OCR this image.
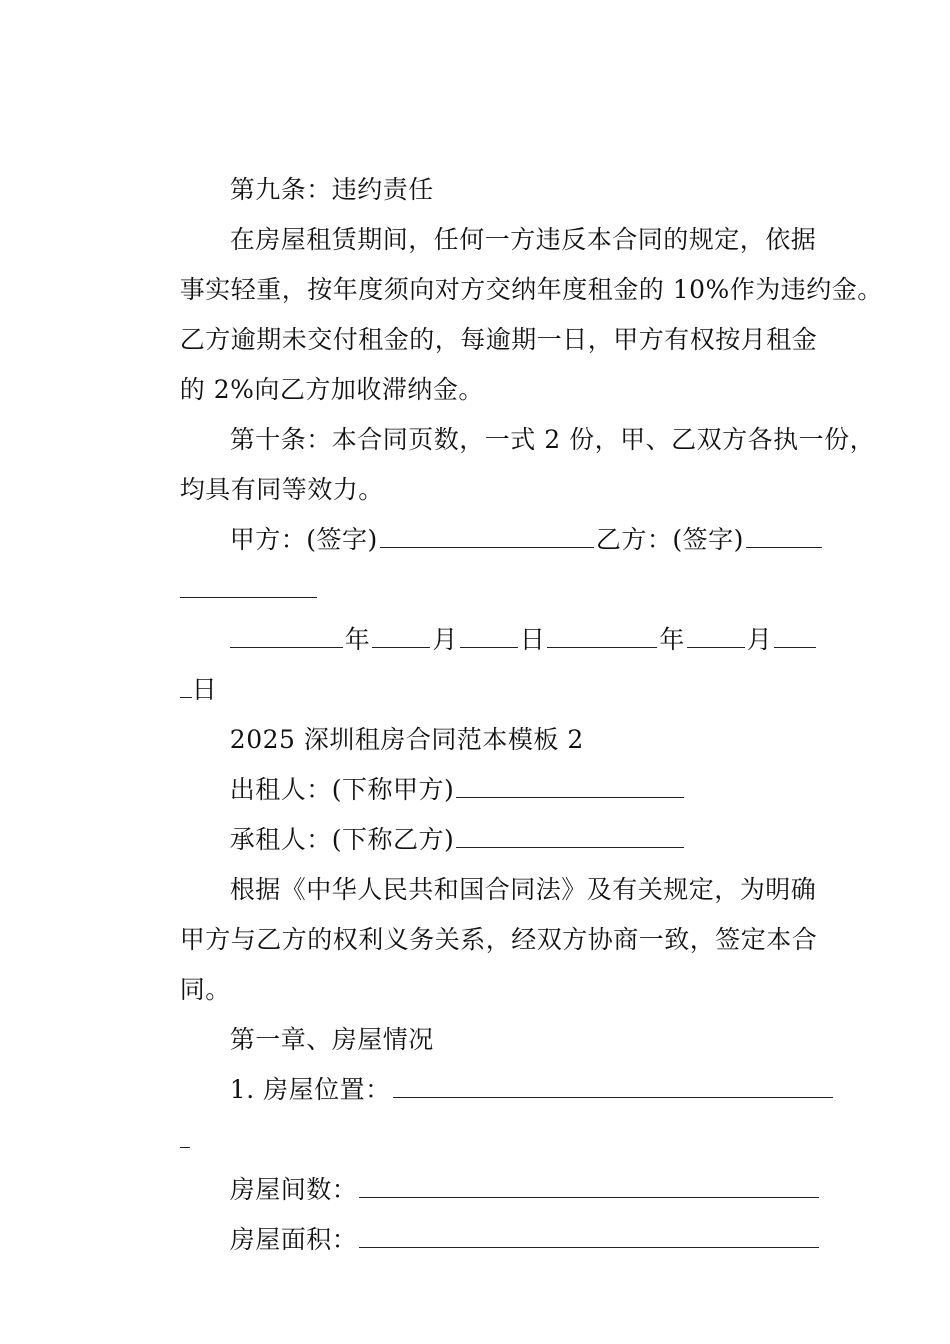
第九条：违约责任

在房屋租赁期间，任何一方违反本合同的规定，依据

事实轻重，按年度须向对方交纳年度租金的 10%作为违约金。

乙方逾期未交付租金的，每逾期一日，甲方有权按月租金

的 2%向乙方加收滞纳金。

第十条：本合同页数，一式 2 份，甲、乙双方各执一份，

均具有同等效力。

甲方：(签字)	乙方：(签字)

年 月 日	年 月

日

2025 深圳租房合同范本模板 2

出租人：(下称甲方)

承租人：(下称乙方)

根据《中华人民共和国合同法》及有关规定，为明确

甲方与乙方的权利义务关系，经双方协商一致，签定本合

同。

第一章、房屋情况

1. 房屋位置：

房屋间数：

房屋面积：
